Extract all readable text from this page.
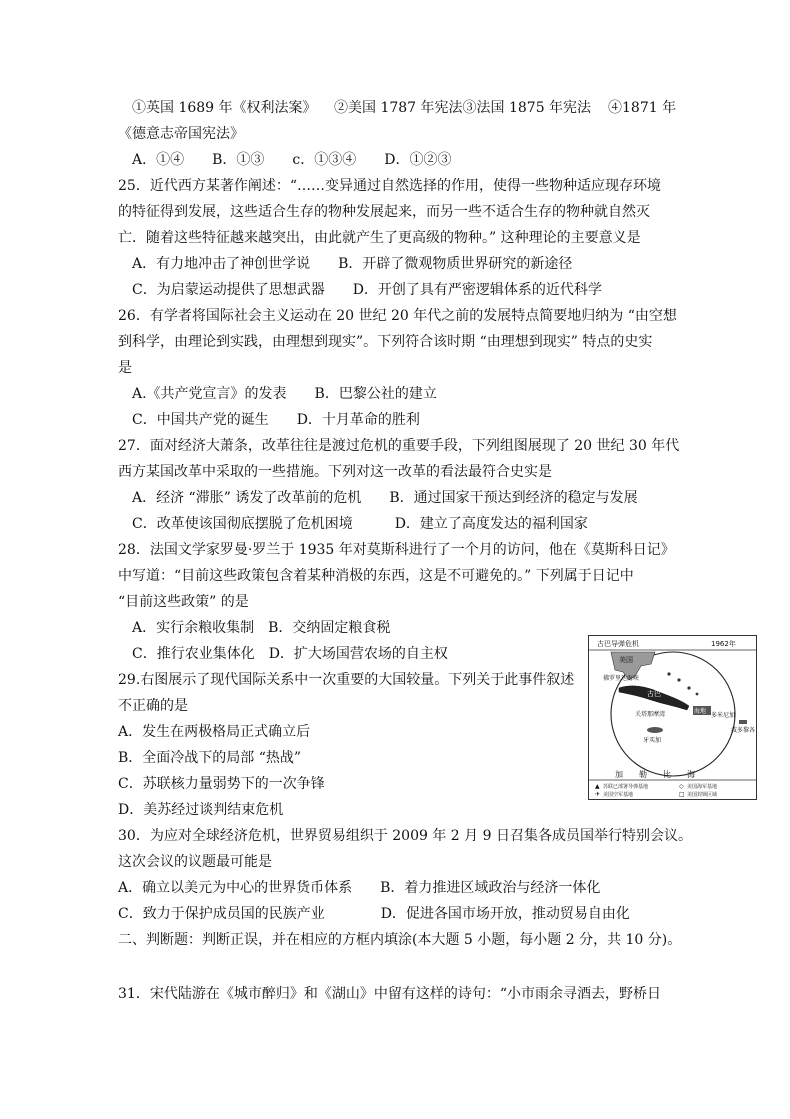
①英国 1689 年《权利法案》 ②美国 1787 年宪法③法国 1875 年宪法 ④1871 年
《德意志帝国宪法》
A．①④　　B．①③　　c．①③④　　D．①②③
25．近代西方某著作阐述：“……变异通过自然选择的作用，使得一些物种适应现存环境
的特征得到发展，这些适合生存的物种发展起来，而另一些不适合生存的物种就自然灭
亡．随着这些特征越来越突出，由此就产生了更高级的物种。” 这种理论的主要意义是
A．有力地冲击了神创世学说　　B．开辟了微观物质世界研究的新途径
C．为启蒙运动提供了思想武器　　D．开创了具有严密逻辑体系的近代科学
26．有学者将国际社会主义运动在 20 世纪 20 年代之前的发展特点简要地归纳为 “由空想
到科学，由理论到实践，由理想到现实”。下列符合该时期 “由理想到现实” 特点的史实
是
A.《共产党宣言》的发表　　B．巴黎公社的建立
C．中国共产党的诞生　　D．十月革命的胜利
27．面对经济大萧条，改革往往是渡过危机的重要手段，下列组图展现了 20 世纪 30 年代
西方某国改革中采取的一些措施。下列对这一改革的看法最符合史实是
A．经济 “滞胀” 诱发了改革前的危机　　B．通过国家干预达到经济的稳定与发展
C．改革使该国彻底摆脱了危机困境　　　D．建立了高度发达的福利国家
28．法国文学家罗曼·罗兰于 1935 年对莫斯科进行了一个月的访问，他在《莫斯科日记》
中写道：“目前这些政策包含着某种消极的东西，这是不可避免的。” 下列属于日记中
“目前这些政策” 的是
A．实行余粮收集制　B．交纳固定粮食税
C．推行农业集体化　D．扩大场国营农场的自主权
29.右图展示了现代国际关系中一次重要的大国较量。下列关于此事件叙述
不正确的是
A．发生在两极格局正式确立后
B．全面冷战下的局部 “热战”
C．苏联核力量弱势下的一次争锋
D．美苏经过谈判结束危机
30．为应对全球经济危机，世界贸易组织于 2009 年 2 月 9 日召集各成员国举行特别会议。
这次会议的议题最可能是
A．确立以美元为中心的世界货币体系　　B．着力推进区域政治与经济一体化
C．致力于保护成员国的民族产业　　　　D．促进各国市场开放，推动贸易自由化
二、判断题：判断正误，并在相应的方框内填涂(本大题 5 小题，每小题 2 分，共 10 分)。
31．宋代陆游在《城市醉归》和《湖山》中留有这样的诗句：“小市雨余寻酒去，野桥日
古巴导弹危机	1962年
美国
佛罗里达海峡
古巴
关塔那摩湾	海地
多米尼加
牙买加
波多黎各
加　　勒　　比　　海
▲ 苏联已部署导弹基地	◇ 美国海军基地
✈ 美国空军基地	□ 美国封锁区域
